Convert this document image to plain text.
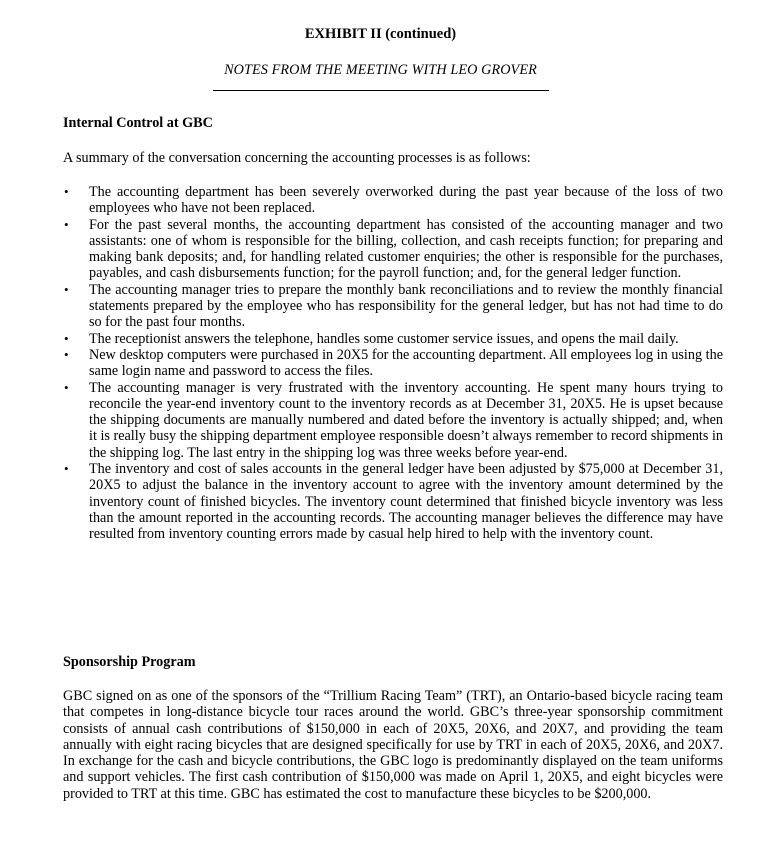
EXHIBIT II (continued)
NOTES FROM THE MEETING WITH LEO GROVER
Internal Control at GBC
A summary of the conversation concerning the accounting processes is as follows:
• The accounting department has been severely overworked during the past year because of the loss of two employees who have not been replaced.
• For the past several months, the accounting department has consisted of the accounting manager and two assistants: one of whom is responsible for the billing, collection, and cash receipts function; for preparing and making bank deposits; and, for handling related customer enquiries; the other is responsible for the purchases, payables, and cash disbursements function; for the payroll function; and, for the general ledger function.
• The accounting manager tries to prepare the monthly bank reconciliations and to review the monthly financial statements prepared by the employee who has responsibility for the general ledger, but has not had time to do so for the past four months.
• The receptionist answers the telephone, handles some customer service issues, and opens the mail daily.
• New desktop computers were purchased in 20X5 for the accounting department. All employees log in using the same login name and password to access the files.
• The accounting manager is very frustrated with the inventory accounting. He spent many hours trying to reconcile the year-end inventory count to the inventory records as at December 31, 20X5. He is upset because the shipping documents are manually numbered and dated before the inventory is actually shipped; and, when it is really busy the shipping department employee responsible doesn’t always remember to record shipments in the shipping log. The last entry in the shipping log was three weeks before year-end.
• The inventory and cost of sales accounts in the general ledger have been adjusted by $75,000 at December 31, 20X5 to adjust the balance in the inventory account to agree with the inventory amount determined by the inventory count of finished bicycles. The inventory count determined that finished bicycle inventory was less than the amount reported in the accounting records. The accounting manager believes the difference may have resulted from inventory counting errors made by casual help hired to help with the inventory count.
Sponsorship Program

GBC signed on as one of the sponsors of the “Trillium Racing Team” (TRT), an Ontario-based bicycle racing team that competes in long-distance bicycle tour races around the world. GBC’s three-year sponsorship commitment consists of annual cash contributions of $150,000 in each of 20X5, 20X6, and 20X7, and providing the team annually with eight racing bicycles that are designed specifically for use by TRT in each of 20X5, 20X6, and 20X7. In exchange for the cash and bicycle contributions, the GBC logo is predominantly displayed on the team uniforms and support vehicles. The first cash contribution of $150,000 was made on April 1, 20X5, and eight bicycles were provided to TRT at this time. GBC has estimated the cost to manufacture these bicycles to be $200,000.
